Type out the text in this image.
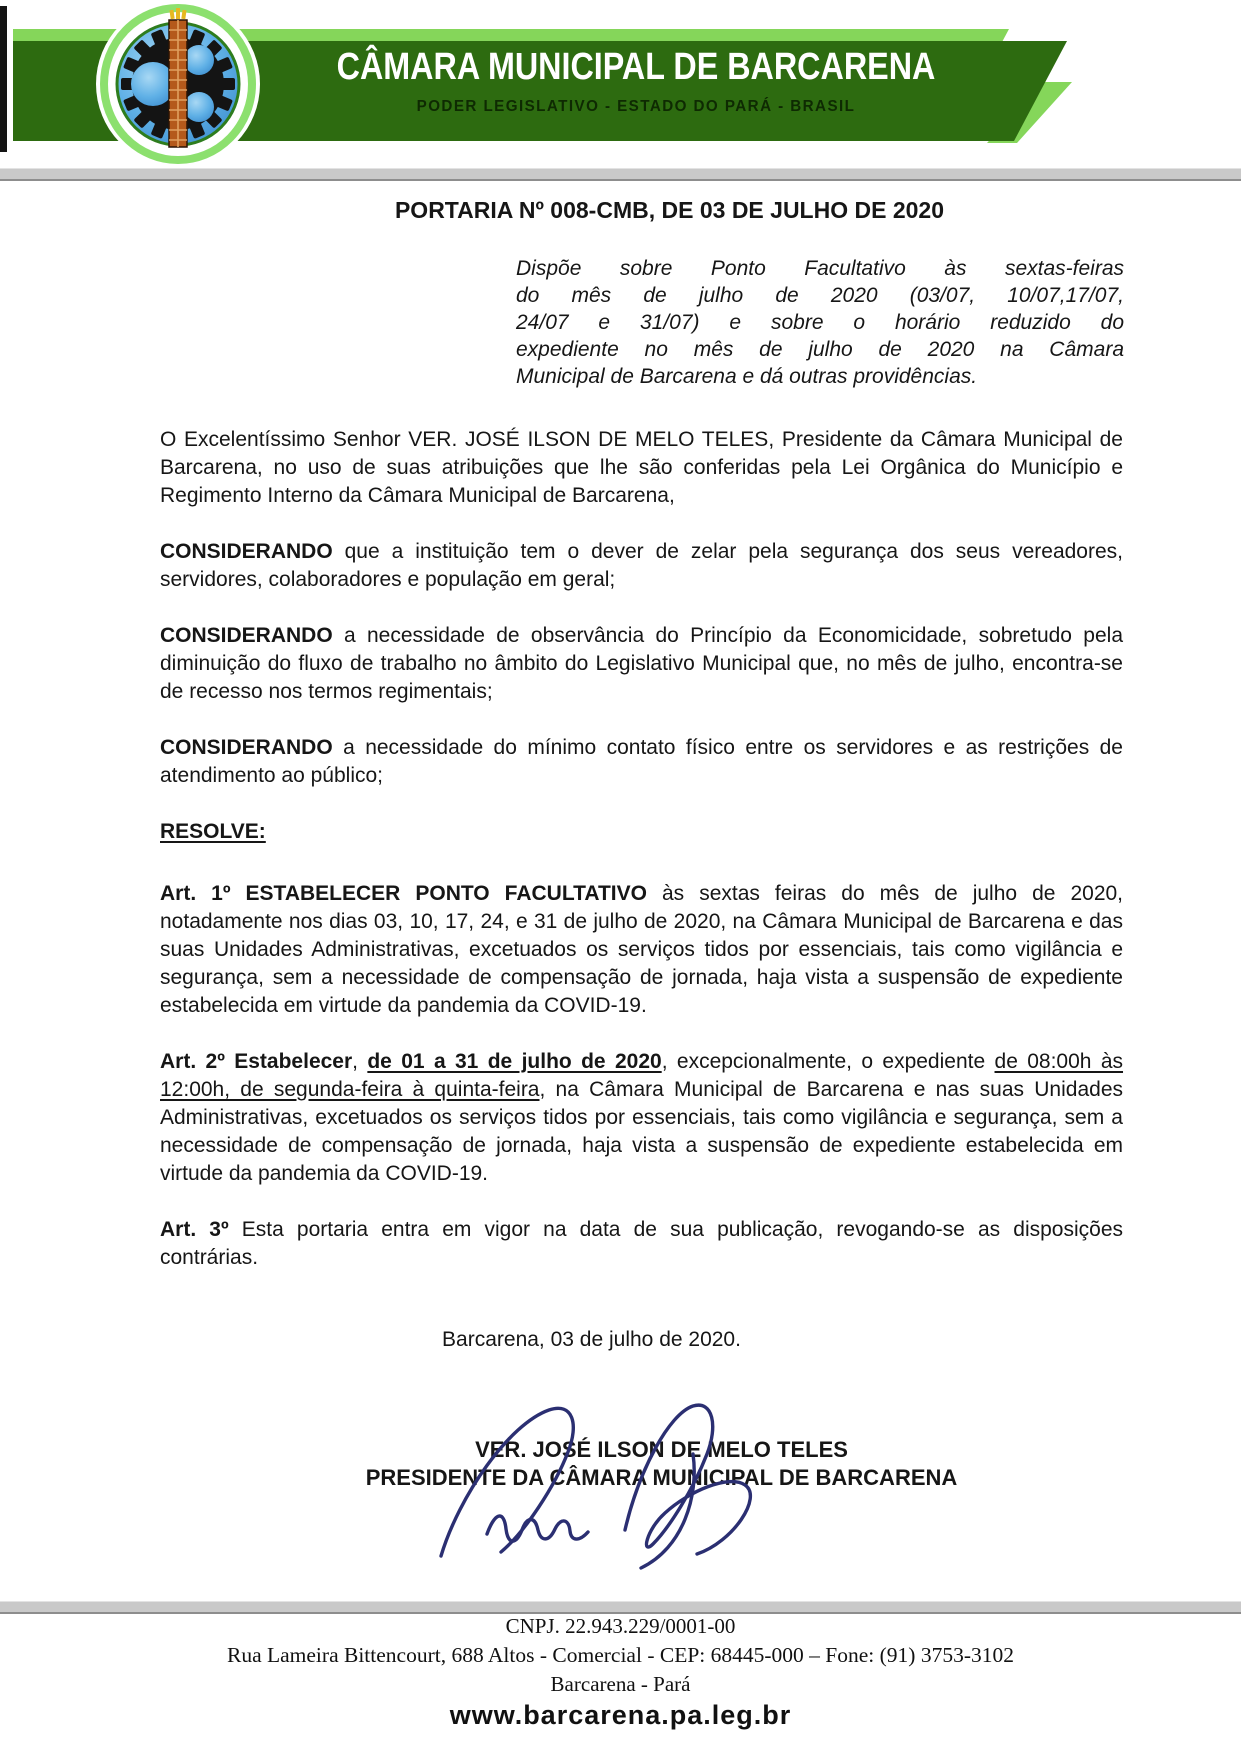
CÂMARA MUNICIPAL DE BARCARENA
PODER LEGISLATIVO - ESTADO DO PARÁ - BRASIL
PORTARIA Nº 008-CMB, DE 03 DE JULHO DE 2020
Dispõe sobre Ponto Facultativo às sextas-feiras
do mês de julho de 2020 (03/07, 10/07,17/07,
24/07 e 31/07) e sobre o horário reduzido do
expediente no mês de julho de 2020 na Câmara
Municipal de Barcarena e dá outras providências.

O Excelentíssimo Senhor VER. JOSÉ ILSON DE MELO TELES, Presidente da Câmara Municipal de Barcarena, no uso de suas atribuições que lhe são conferidas pela Lei Orgânica do Município e Regimento Interno da Câmara Municipal de Barcarena,

CONSIDERANDO que a instituição tem o dever de zelar pela segurança dos seus vereadores, servidores, colaboradores e população em geral;

CONSIDERANDO a necessidade de observância do Princípio da Economicidade, sobretudo pela diminuição do fluxo de trabalho no âmbito do Legislativo Municipal que, no mês de julho, encontra-se de recesso nos termos regimentais;

CONSIDERANDO a necessidade do mínimo contato físico entre os servidores e as restrições de atendimento ao público;

RESOLVE:

Art. 1º ESTABELECER PONTO FACULTATIVO às sextas feiras do mês de julho de 2020, notadamente nos dias 03, 10, 17, 24, e 31 de julho de 2020, na Câmara Municipal de Barcarena e das suas Unidades Administrativas, excetuados os serviços tidos por essenciais, tais como vigilância e segurança, sem a necessidade de compensação de jornada, haja vista a suspensão de expediente estabelecida em virtude da pandemia da COVID-19.

Art. 2º Estabelecer, de 01 a 31 de julho de 2020, excepcionalmente, o expediente de 08:00h às 12:00h, de segunda-feira à quinta-feira, na Câmara Municipal de Barcarena e nas suas Unidades Administrativas, excetuados os serviços tidos por essenciais, tais como vigilância e segurança, sem a necessidade de compensação de jornada, haja vista a suspensão de expediente estabelecida em virtude da pandemia da COVID-19.

Art. 3º Esta portaria entra em vigor na data de sua publicação, revogando-se as disposições contrárias.

Barcarena, 03 de julho de 2020.
VER. JOSÉ ILSON DE MELO TELES
PRESIDENTE DA CÂMARA MUNICIPAL DE BARCARENA
CNPJ. 22.943.229/0001-00
Rua Lameira Bittencourt, 688 Altos - Comercial - CEP: 68445-000 – Fone: (91) 3753-3102
Barcarena - Pará
www.barcarena.pa.leg.br
